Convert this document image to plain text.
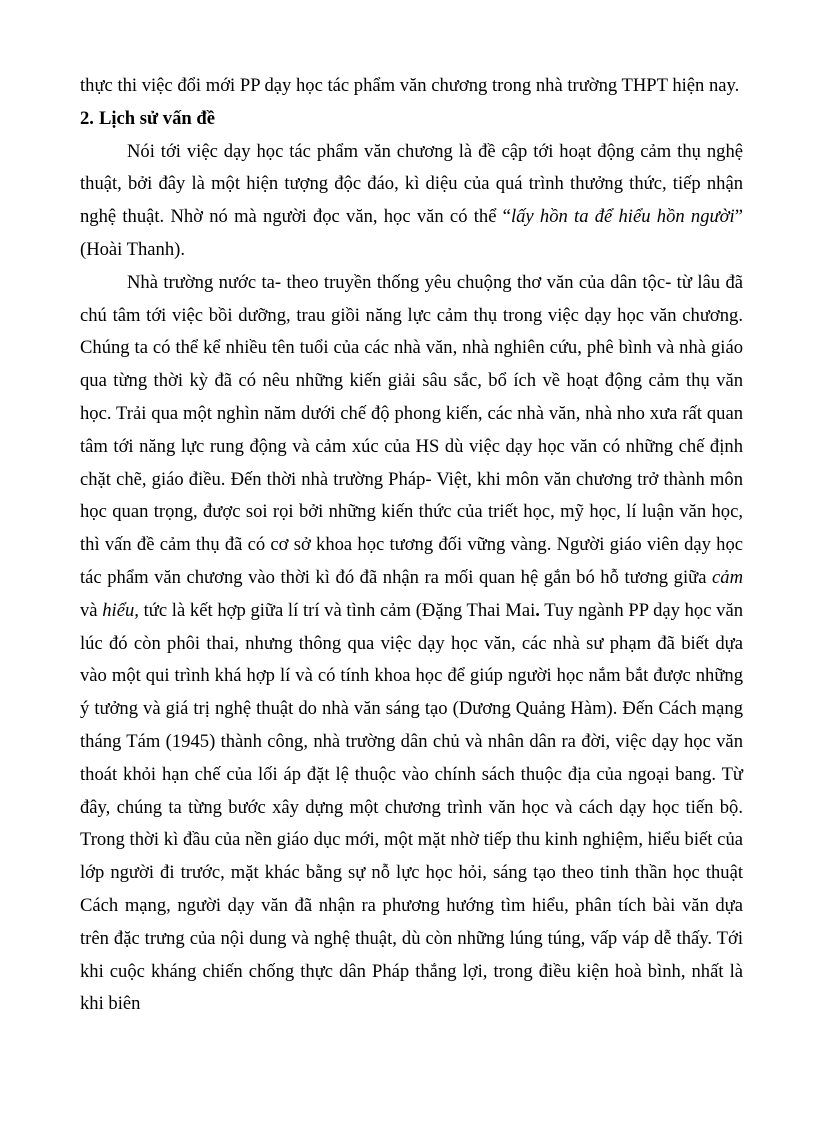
thực thi việc đổi mới PP dạy học tác phẩm văn chương trong nhà trường THPT hiện nay.

2. Lịch sử vấn đề

Nói tới việc dạy học tác phẩm văn chương là đề cập tới hoạt động cảm thụ nghệ thuật, bởi đây là một hiện tượng độc đáo, kì diệu của quá trình thưởng thức, tiếp nhận nghệ thuật. Nhờ nó mà người đọc văn, học văn có thể “lấy hồn ta để hiểu hồn người” (Hoài Thanh).

Nhà trường nước ta- theo truyền thống yêu chuộng thơ văn của dân tộc- từ lâu đã chú tâm tới việc bồi dưỡng, trau giồi năng lực cảm thụ trong việc dạy học văn chương. Chúng ta có thể kể nhiều tên tuổi của các nhà văn, nhà nghiên cứu, phê bình và nhà giáo qua từng thời kỳ đã có nêu những kiến giải sâu sắc, bổ ích về hoạt động cảm thụ văn học. Trải qua một nghìn năm dưới chế độ phong kiến, các nhà văn, nhà nho xưa rất quan tâm tới năng lực rung động và cảm xúc của HS dù việc dạy học văn có những chế định chặt chẽ, giáo điều. Đến thời nhà trường Pháp- Việt, khi môn văn chương trở thành môn học quan trọng, được soi rọi bởi những kiến thức của triết học, mỹ học, lí luận văn học, thì vấn đề cảm thụ đã có cơ sở khoa học tương đối vững vàng. Người giáo viên dạy học tác phẩm văn chương vào thời kì đó đã nhận ra mối quan hệ gắn bó hỗ tương giữa cảm và hiểu, tức là kết hợp giữa lí trí và tình cảm (Đặng Thai Mai. Tuy ngành PP dạy học văn lúc đó còn phôi thai, nhưng thông qua việc dạy học văn, các nhà sư phạm đã biết dựa vào một qui trình khá hợp lí và có tính khoa học để giúp người học nắm bắt được những ý tưởng và giá trị nghệ thuật do nhà văn sáng tạo (Dương Quảng Hàm). Đến Cách mạng tháng Tám (1945) thành công, nhà trường dân chủ và nhân dân ra đời, việc dạy học văn thoát khỏi hạn chế của lối áp đặt lệ thuộc vào chính sách thuộc địa của ngoại bang. Từ đây, chúng ta từng bước xây dựng một chương trình văn học và cách dạy học tiến bộ. Trong thời kì đầu của nền giáo dục mới, một mặt nhờ tiếp thu kinh nghiệm, hiểu biết của lớp người đi trước, mặt khác bằng sự nỗ lực học hỏi, sáng tạo theo tinh thần học thuật Cách mạng, người dạy văn đã nhận ra phương hướng tìm hiểu, phân tích bài văn dựa trên đặc trưng của nội dung và nghệ thuật, dù còn những lúng túng, vấp váp dễ thấy. Tới khi cuộc kháng chiến chống thực dân Pháp thắng lợi, trong điều kiện hoà bình, nhất là khi biên
